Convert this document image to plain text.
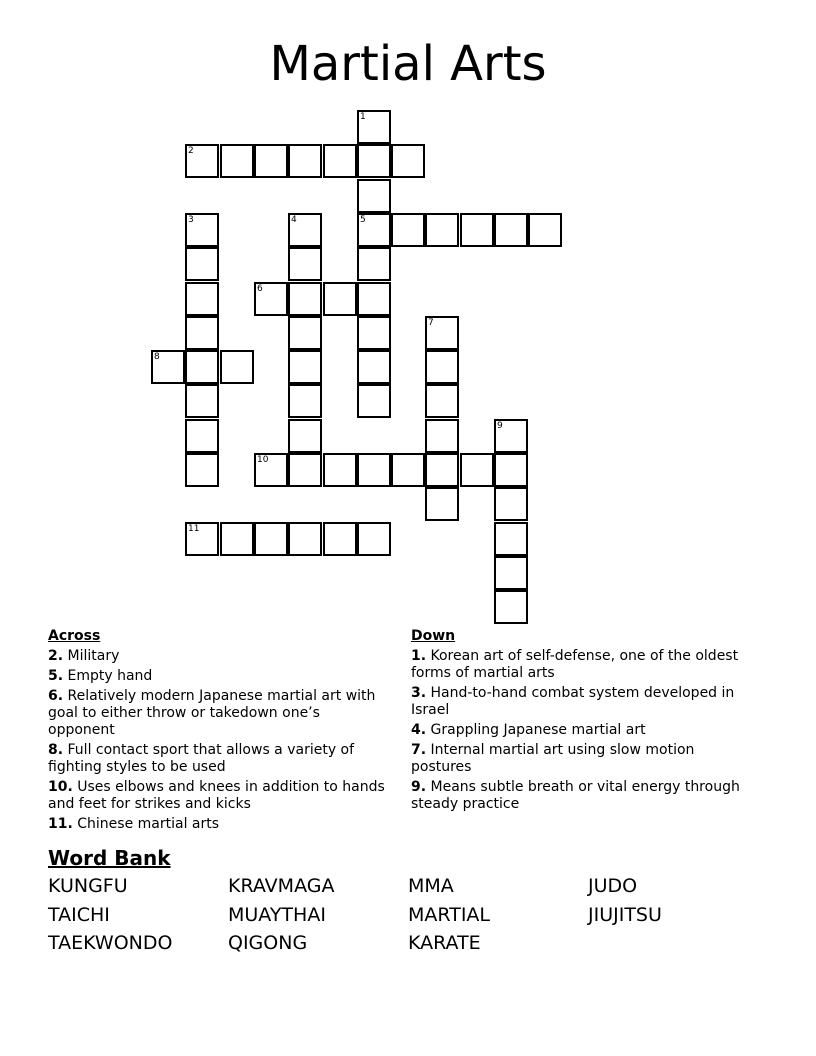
Martial Arts
1
5
2
3	4
6
7
8
9
10
11
Across
2. Military
5. Empty hand
6. Relatively modern Japanese martial art with goal to either throw or takedown one’s opponent
8. Full contact sport that allows a variety of fighting styles to be used
10. Uses elbows and knees in addition to hands and feet for strikes and kicks
11. Chinese martial arts
Down
1. Korean art of self-defense, one of the oldest forms of martial arts
3. Hand-to-hand combat system developed in Israel
4. Grappling Japanese martial art
7. Internal martial art using slow motion postures
9. Means subtle breath or vital energy through steady practice
Word Bank
KUNGFU	KRAVMAGA	MMA	JUDO
TAICHI	MUAYTHAI	MARTIAL	JIUJITSU
TAEKWONDO	QIGONG	KARATE
